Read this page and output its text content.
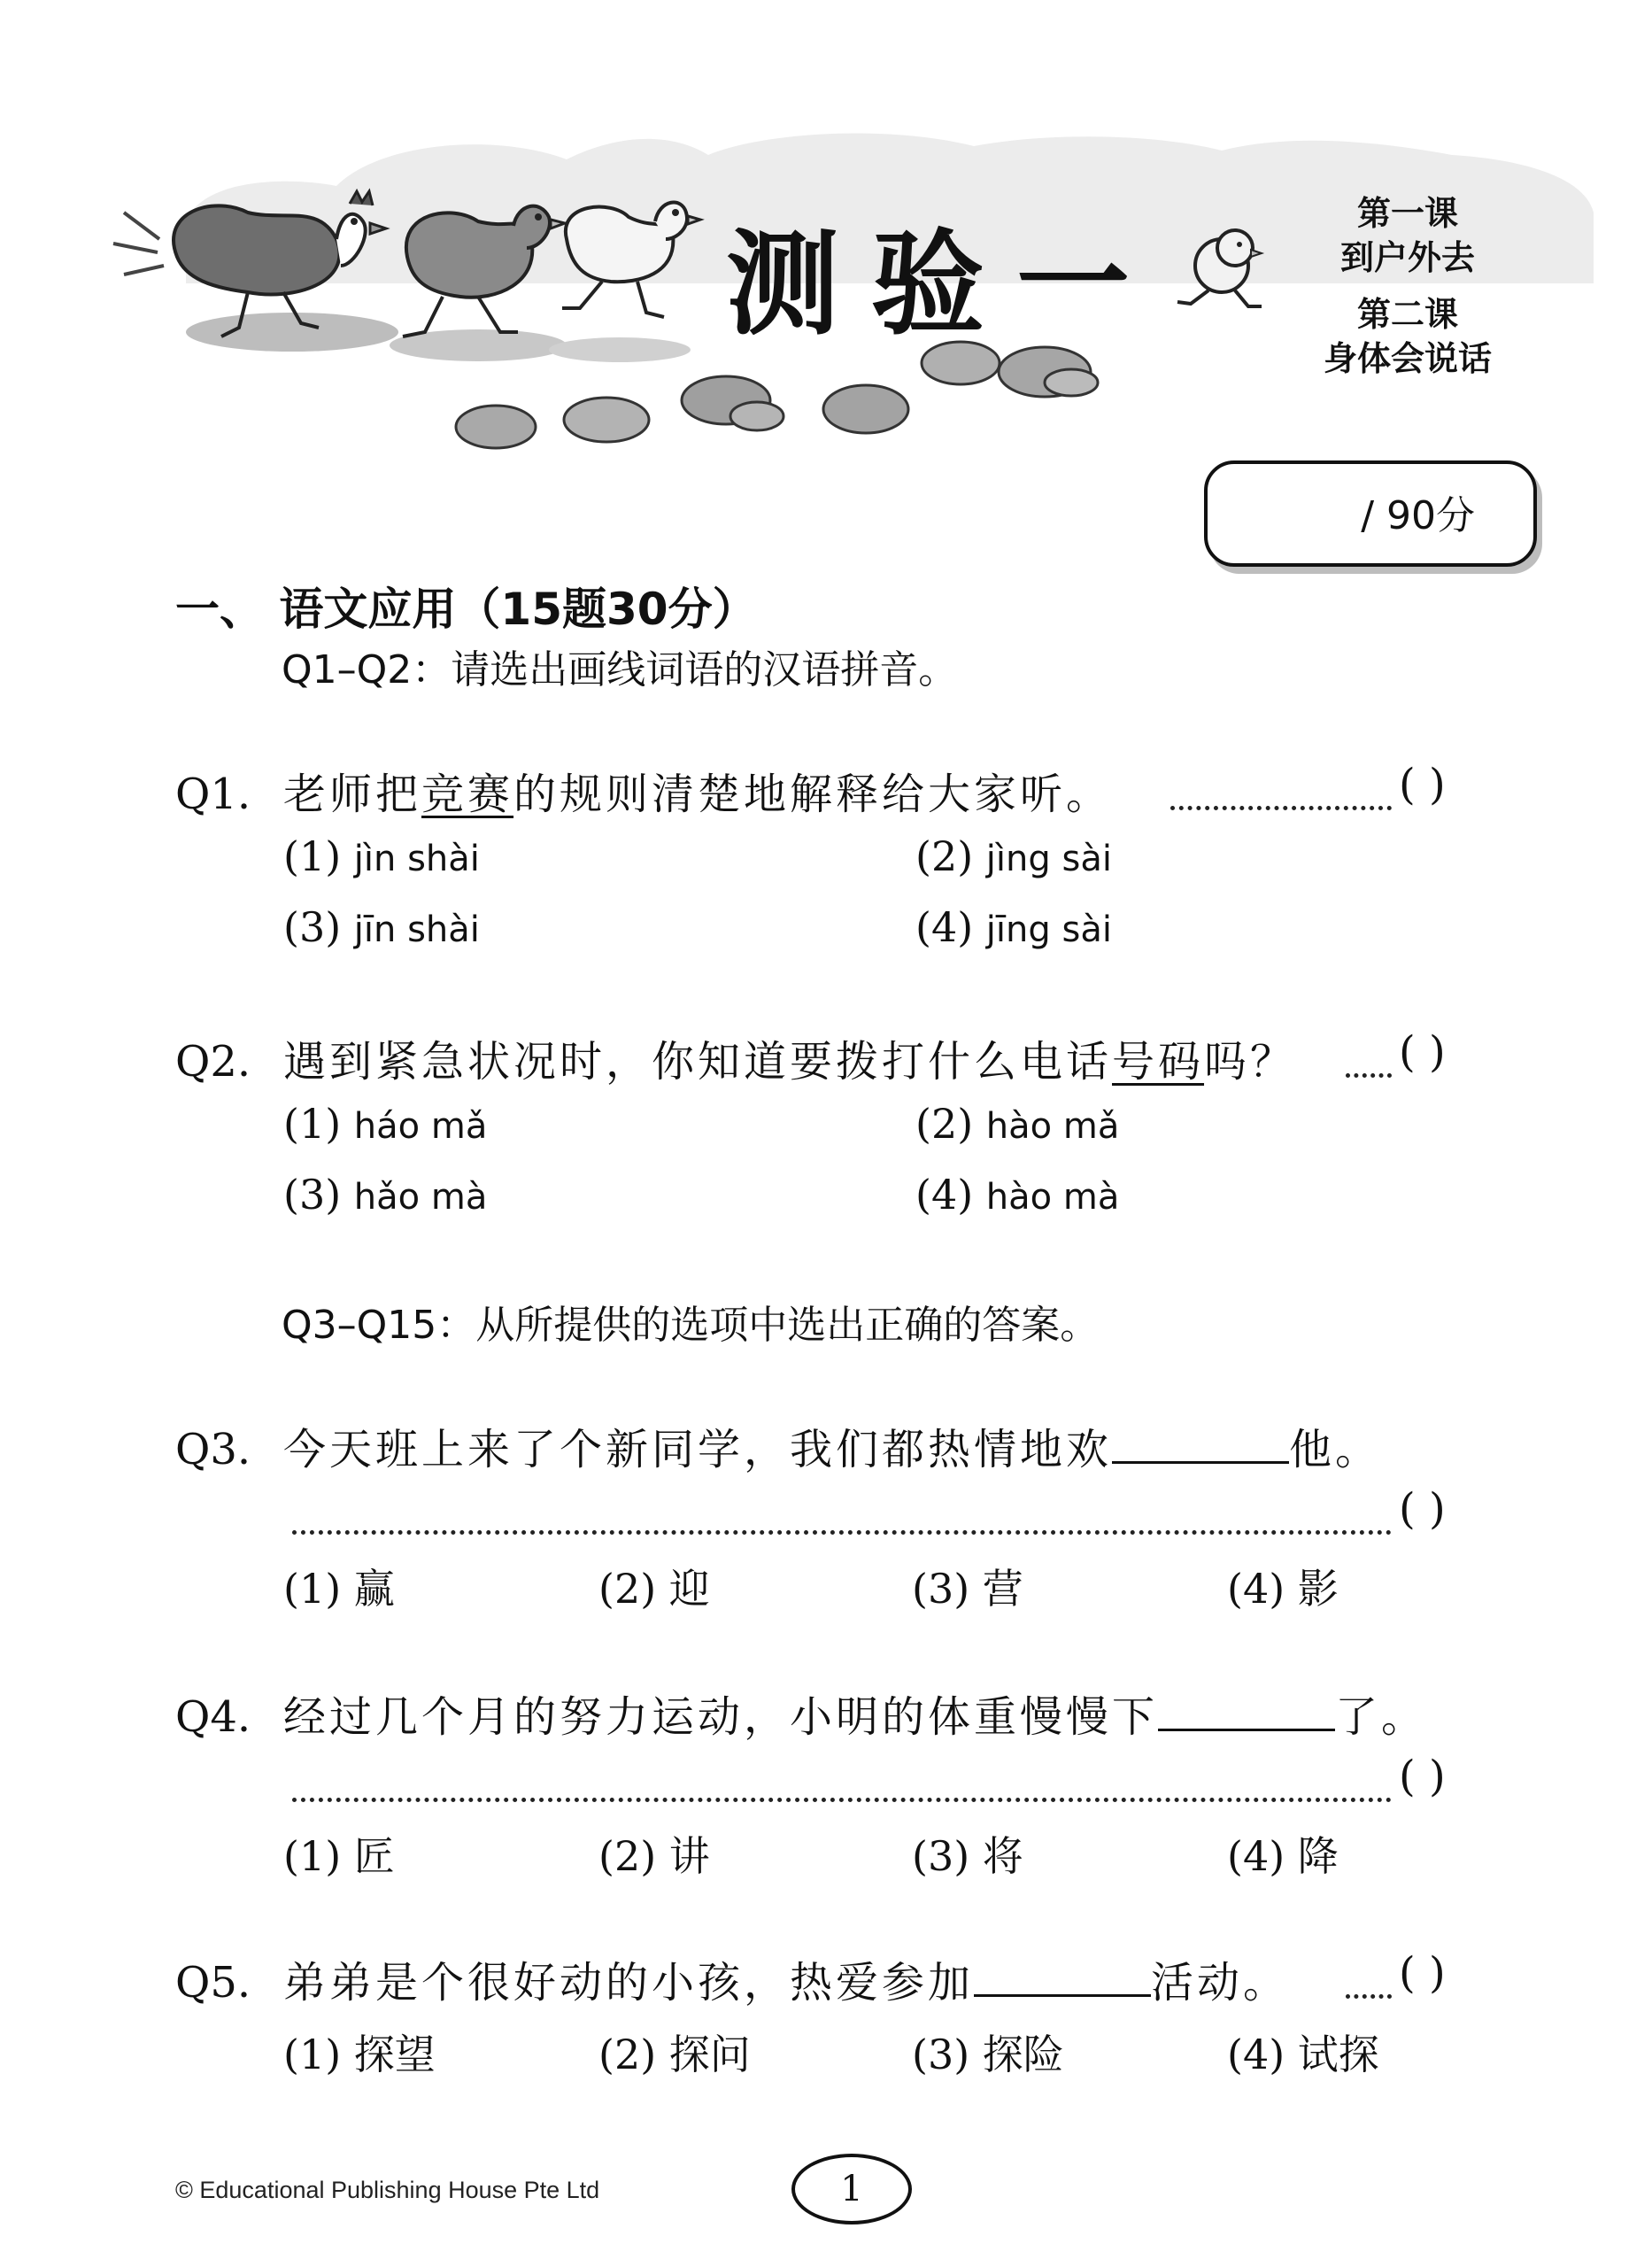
测验一
第一课
到户外去
第二课
身体会说话
/ 90分
一、 语文应用（15题30分）
Q1–Q2：请选出画线词语的汉语拼音。
Q1. 老师把竞赛的规则清楚地解释给大家听。	( )
(1) jìn shài	(2) jìng sài
(3) jīn shài	(4) jīng sài
Q2. 遇到紧急状况时，你知道要拨打什么电话号码吗？ ( )
(1) háo mǎ	(2) hào mǎ
(3) hǎo mà	(4) hào mà
Q3–Q15：从所提供的选项中选出正确的答案。
Q3. 今天班上来了个新同学，我们都热情地欢	他。
( )
(1) 赢	(2) 迎	(3) 营	(4) 影
Q4. 经过几个月的努力运动，小明的体重慢慢下	了。
( )
(1) 匠	(2) 讲	(3) 将	(4) 降
Q5. 弟弟是个很好动的小孩，热爱参加	活动。	( )
(1) 探望	(2) 探问	(3) 探险	(4) 试探
1
© Educational Publishing House Pte Ltd
